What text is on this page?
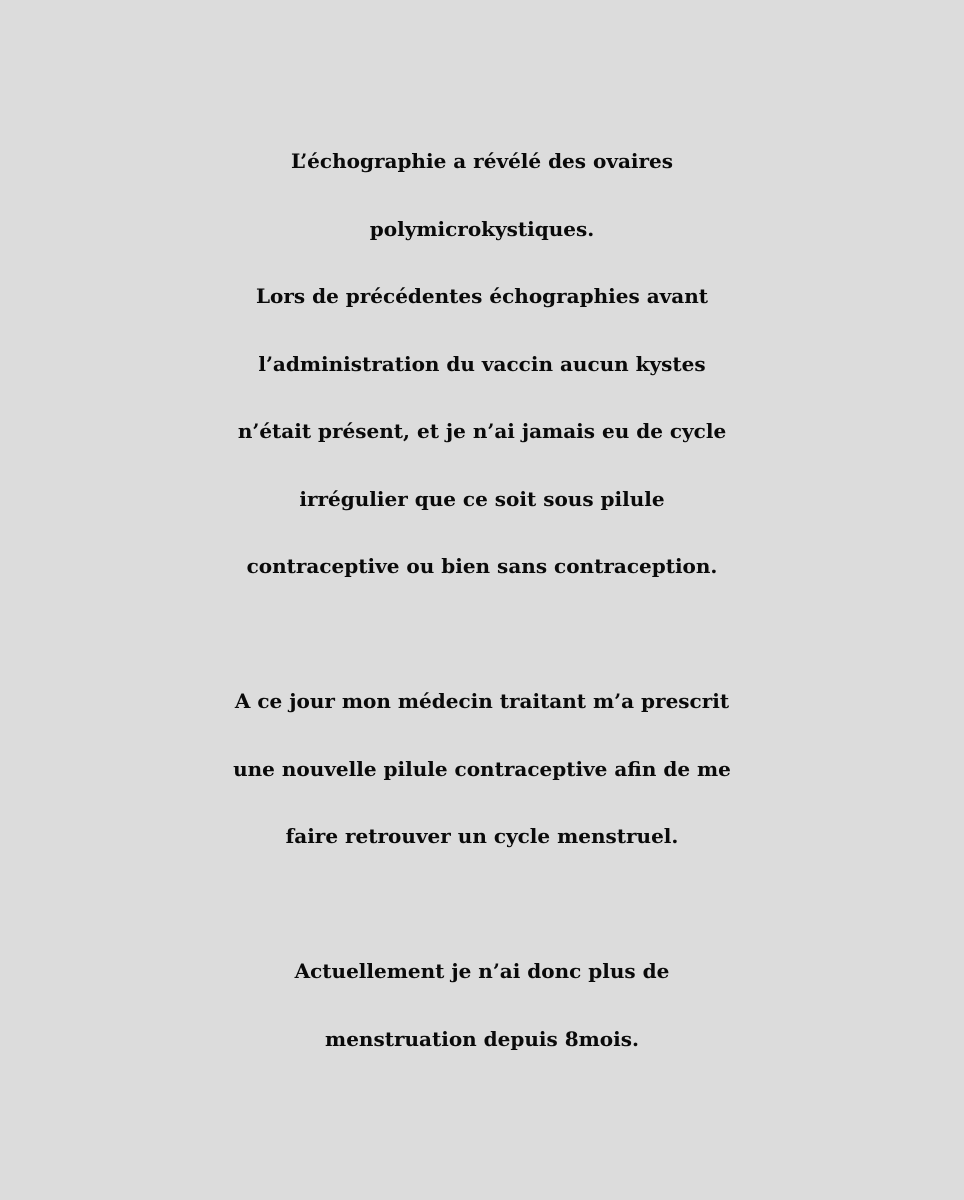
L’échographie a révélé des ovaires
polymicrokystiques.
Lors de précédentes échographies avant
l’administration du vaccin aucun kystes
n’était présent, et je n’ai jamais eu de cycle
irrégulier que ce soit sous pilule
contraceptive ou bien sans contraception.

A ce jour mon médecin traitant m’a prescrit
une nouvelle pilule contraceptive afin de me
faire retrouver un cycle menstruel.

Actuellement je n’ai donc plus de
menstruation depuis 8mois.
